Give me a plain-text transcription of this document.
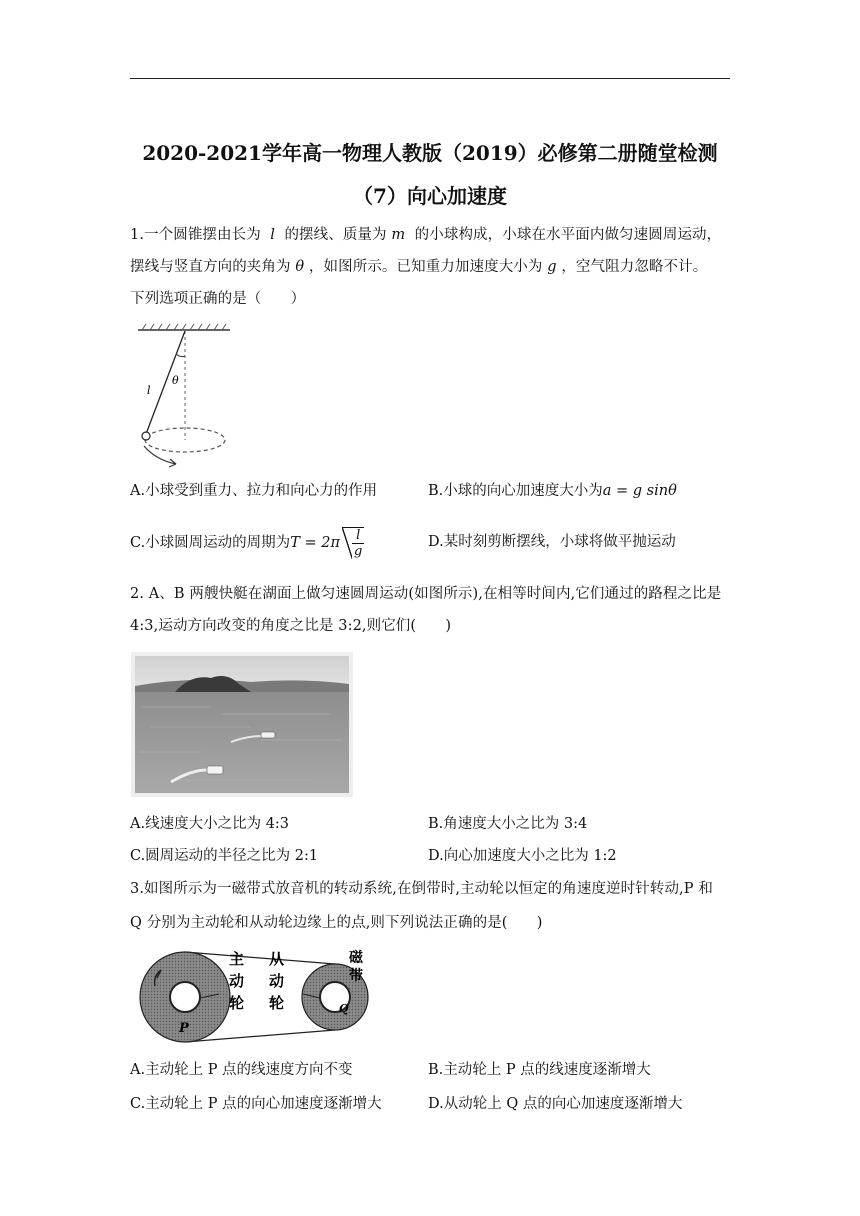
2020-2021学年高一物理人教版（2019）必修第二册随堂检测
（7）向心加速度
1.一个圆锥摆由长为 l 的摆线、质量为 m 的小球构成，小球在水平面内做匀速圆周运动，
摆线与竖直方向的夹角为 θ ，如图所示。已知重力加速度大小为 g ，空气阻力忽略不计。
下列选项正确的是（　　）
θ
l
A.小球受到重力、拉力和向心力的作用	B.小球的向心加速度大小为a = g sinθ
C.小球圆周运动的周期为$T = 2\pi \frac{l}{g}$	D.某时刻剪断摆线，小球将做平抛运动
2. A、B 两艘快艇在湖面上做匀速圆周运动(如图所示),在相等时间内,它们通过的路程之比是
4:3,运动方向改变的角度之比是 3:2,则它们(　　)
A.线速度大小之比为 4:3	B.角速度大小之比为 3:4
C.圆周运动的半径之比为 2:1	D.向心加速度大小之比为 1:2
3.如图所示为一磁带式放音机的转动系统,在倒带时,主动轮以恒定的角速度逆时针转动,P 和
Q 分别为主动轮和从动轮边缘上的点,则下列说法正确的是(　　)
主
动
轮
从
动
轮
磁
带
P
Q
A.主动轮上 P 点的线速度方向不变	B.主动轮上 P 点的线速度逐渐增大
C.主动轮上 P 点的向心加速度逐渐增大	D.从动轮上 Q 点的向心加速度逐渐增大
